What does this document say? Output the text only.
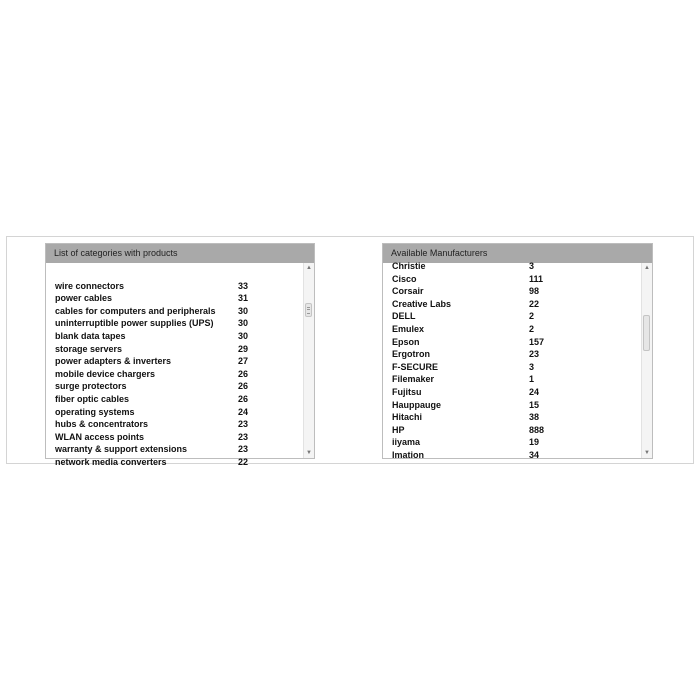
List of categories with products
wire connectors	33
power cables	31
cables for computers and peripherals 30
uninterruptible power supplies (UPS)	30
blank data tapes	30
storage servers	29
power adapters & inverters	27
mobile device chargers	26
surge protectors	26
fiber optic cables	26
operating systems	24
hubs & concentrators	23
WLAN access points	23
warranty & support extensions	23
network media converters	22
▲
▼
Available Manufacturers
Christie	3
Cisco	111
Corsair	98
Creative Labs	22
DELL	2
Emulex	2
Epson	157
Ergotron	23
F-SECURE	3
Filemaker	1
Fujitsu	24
Hauppauge	15
Hitachi	38
HP	888
iiyama	19
Imation	34
▲
▼
